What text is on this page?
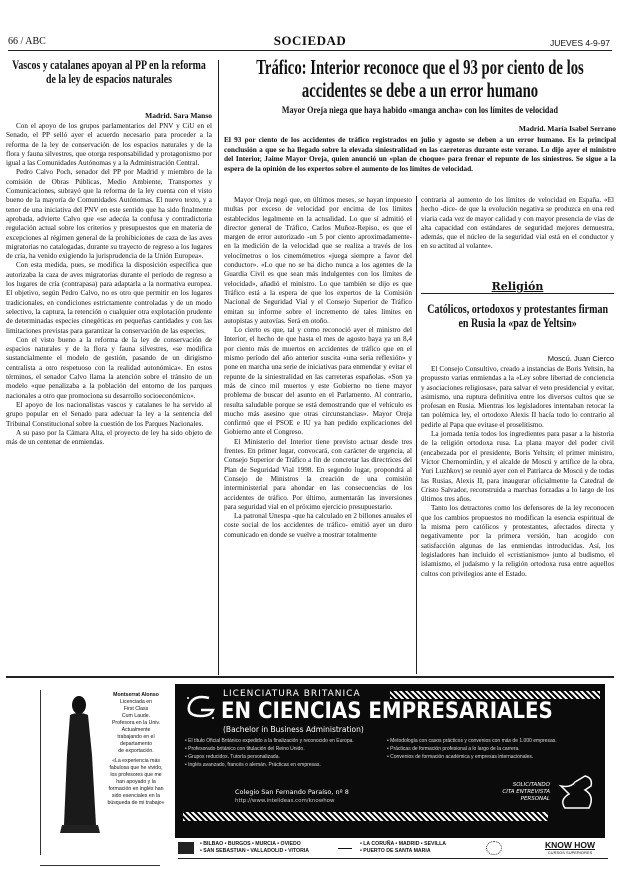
66 / ABC	SOCIEDAD	JUEVES 4-9-97
Vascos y catalanes apoyan al PP en la reforma de la ley de espacios naturales
Madrid. Sara Manso

Con el apoyo de los grupos parlamentarios del PNV y CiU en el Senado, el PP selló ayer el acuerdo necesario para proceder a la reforma de la ley de conservación de los espacios naturales y de la flora y fauna silvestres, que otorga responsabilidad y protagonismo por igual a las Comunidades Autónomas y a la Administración Central.

Pedro Calvo Poch, senador del PP por Madrid y miembro de la comisión de Obras Públicas, Medio Ambiente, Transportes y Comunicaciones, subrayó que la reforma de la ley cuenta con el visto bueno de la mayoría de Comunidades Autónomas. El nuevo texto, y a tenor de una iniciativa del PNV en este sentido que ha sido finalmente aprobada, advierte Calvo que «se adecúa la confusa y contradictoria regulación actual sobre los criterios y presupuestos que en materia de excepciones al régimen general de la prohibiciones de caza de las aves migratorias no catalogadas, durante su trayecto de regreso a los lugares de cría, ha venido exigiendo la jurisprudencia de la Unión Europea».

Con esta medida, pues, se modifica la disposición específica que autorizaba la caza de aves migratorias durante el período de regreso a los lugares de cría (contrapasa) para adaptarla a la normativa europea. El objetivo, según Pedro Calvo, no es otro que permitir en los lugares tradicionales, en condiciones estrictamente controladas y de un modo selectivo, la captura, la retención o cualquier otra explotación prudente de determinadas especies cinegéticas en pequeñas cantidades y con las limitaciones previstas para garantizar la conservación de las especies.

Con el visto bueno a la reforma de la ley de conservación de espacios naturales y de la flora y fauna silvestres, «se modifica sustancialmente el modelo de gestión, pasando de un dirigismo centralista a otro respetuoso con la realidad autonómica». En estos términos, el senador Calvo llama la atención sobre el tránsito de un modelo «que penalizaba a la población del entorno de los parques nacionales a otro que promociona su desarrollo socioeconómico».

El apoyo de los nacionalistas vascos y catalanes le ha servido al grupo popular en el Senado para adecuar la ley a la sentencia del Tribunal Constitucional sobre la cuestión de los Parques Nacionales.

A su paso por la Cámara Alta, el proyecto de ley ha sido objeto de más de un centenar de enmiendas.

Tráfico: Interior reconoce que el 93 por ciento de los accidentes se debe a un error humano
Mayor Oreja niega que haya habido «manga ancha» con los límites de velocidad
Madrid. María Isabel Serrano
El 93 por ciento de los accidentes de tráfico registrados en julio y agosto se deben a un error humano. Es la principal conclusión a que se ha llegado sobre la elevada siniestralidad en las carreteras durante este verano. Lo dijo ayer el ministro del Interior, Jaime Mayor Oreja, quien anunció un «plan de choque» para frenar el repunte de los siniestros. Se sigue a la espera de la opinión de los expertos sobre el aumento de los límites de velocidad.

Mayor Oreja negó que, en últimos meses, se hayan impuesto multas por exceso de velocidad por encima de los límites establecidos legalmente en la actualidad. Lo que sí admitió el director general de Tráfico, Carlos Muñoz-Repiso, es que el margen de error autorizado -un 5 por ciento aproximadamente- en la medición de la velocidad que se realiza a través de los velocímetros o los cinemómetros «juega siempre a favor del conductor». «Lo que no se ha dicho nunca a los agentes de la Guardia Civil es que sean más indulgentes con los límites de velocidad», añadió el ministro. Lo que también se dijo es que Tráfico está a la espera de que los expertos de la Comisión Nacional de Seguridad Vial y el Consejo Superior de Tráfico emitan su informe sobre el incremento de tales límites en autopistas y autovías. Será en otoño.

Lo cierto es que, tal y como reconoció ayer el ministro del Interior, el hecho de que hasta el mes de agosto haya ya un 8,4 por ciento más de muertos en accidentes de tráfico que en el mismo período del año anterior suscita «una seria reflexión» y pone en marcha una serie de iniciativas para enmendar y evitar el repunte de la siniestralidad en las carreteras españolas. «Son ya más de cinco mil muertos y este Gobierno no tiene mayor problema de buscar del asunto en el Parlamento. Al contrario, resulta saludable porque se está demostrando que el vehículo es mucho más asesino que otras circunstancias». Mayor Oreja confirmó que el PSOE e IU ya han pedido explicaciones del Gobierno ante el Congreso.

El Ministerio del Interior tiene previsto actuar desde tres frentes. En primer lugar, convocará, con carácter de urgencia, al Consejo Superior de Tráfico a fin de concretar las directrices del Plan de Seguridad Vial 1998. En segundo lugar, propondrá al Consejo de Ministros la creación de una comisión interministerial para ahondar en las consecuencias de los accidentes de tráfico. Por último, aumentarán las inversiones para seguridad vial en el próximo ejercicio presupuestario.

La patronal Unespa -que ha calculado en 2 billones anuales el coste social de los accidentes de tráfico- emitió ayer un duro comunicado en donde se vuelve a mostrar totalmente

contraria al aumento de los límites de velocidad en España. «El hecho -dice- de que la evolución negativa se produzca en una red viaria cada vez de mayor calidad y con mayor presencia de vías de alta capacidad con estándares de seguridad mejores demuestra, además, que el núcleo de la seguridad vial está en el conductor y en su actitud al volante».

Religión
Católicos, ortodoxos y protestantes firman en Rusia la «paz de Yeltsin»
Moscú. Juan Cierco

El Consejo Consultivo, creado a instancias de Boris Yeltsin, ha propuesto varias enmiendas a la «Ley sobre libertad de conciencia y asociaciones religiosas», para salvar el veto presidencial y evitar, asimismo, una ruptura definitiva entre los diversos cultos que se profesan en Rusia. Mientras los legisladores intentaban retocar la tan polémica ley, el ortodoxo Alexis II hacía todo lo contrario al pedirle al Papa que evitase el proselitismo.

La jornada tenía todos los ingredientes para pasar a la historia de la religión ortodoxa rusa. La plana mayor del poder civil (encabezada por el presidente, Boris Yeltsin; el primer ministro, Víctor Chernomirdin, y el alcalde de Moscú y artífice de la obra, Yuri Luzhkov) se reunió ayer con el Patriarca de Moscú y de todas las Rusias, Alexis II, para inaugurar oficialmente la Catedral de Cristo Salvador, reconstruida a marchas forzadas a lo largo de los últimos tres años.

Tanto los detractores como los defensores de la ley reconocen que los cambios propuestos no modifican la esencia espiritual de la misma pero católicos y protestantes, afectados directa y negativamente por la primera versión, han acogido con satisfacción algunas de las enmiendas introducidas. Así, los legisladores han incluido el «cristianismo» junto al budismo, el islamismo, el judaísmo y la religión ortodoxa rusa entre aquellos cultos con privilegios ante el Estado.

Montserrat Alonso
Licenciada en
First Class
Cum Laude.
Profesora en la Univ.
Actualmente
trabajando en el
departamento
de exportación.
«La experiencia más fabulosa que he vivido, los profesores que me han apoyado y la formación en inglés han sido esenciales en la búsqueda de mi trabajo»
LICENCIATURA BRITANICA
EN CIENCIAS EMPRESARIALES
(Bachelor in Business Administration)
• El título Oficial Británico expedido a la finalización y reconocido en Europa.
• Profesorado británico con titulación del Reino Unido.
• Grupos reducidos. Tutoría personalizada.
• Inglés avanzado, francés o alemán. Prácticas en empresas.
• Metodología con casos prácticos y convenios con más de 1.000 empresas.
• Prácticas de formación profesional a lo largo de la carrera.
• Convenios de formación académica y empresas internacionales.
Colegio San Fernando Paraíso, nº 8
http://www.intelideas.com/knowhow
SOLICITANDO
CITA ENTREVISTA
PERSONAL
• BILBAO • BURGOS • MURCIA • OVIEDO
• SAN SEBASTIAN • VALLADOLID • VITORIA
• LA CORUÑA • MADRID • SEVILLA
• PUERTO DE SANTA MARIA
KNOW HOW
CURSOS SUPERIORES
